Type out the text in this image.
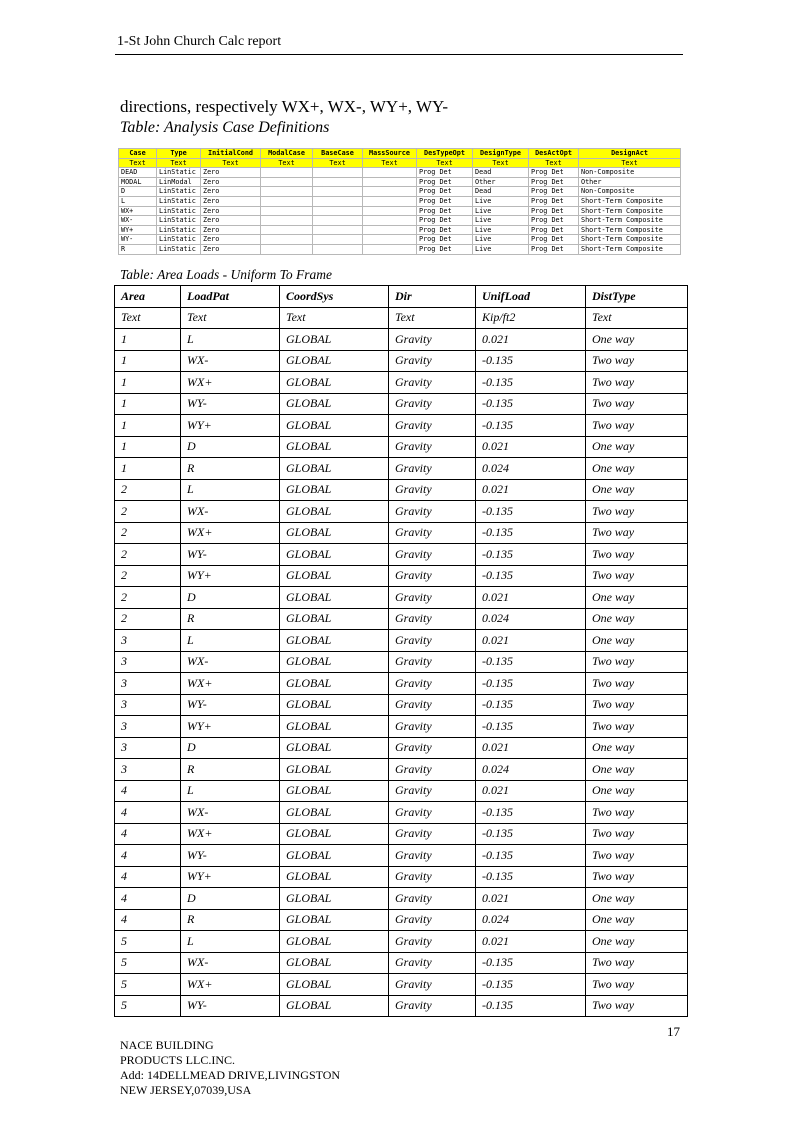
1-St John Church Calc report
directions, respectively WX+, WX-, WY+, WY-
Table: Analysis Case Definitions
Case	Type	InitialCond	ModalCase	BaseCase	MassSource	DesTypeOpt	DesignType	DesActOpt	DesignAct
Text	Text	Text	Text	Text	Text	Text	Text	Text	Text
DEAD	LinStatic	Zero				Prog Det	Dead	Prog Det	Non-Composite
MODAL	LinModal	Zero				Prog Det	Other	Prog Det	Other
D	LinStatic	Zero				Prog Det	Dead	Prog Det	Non-Composite
L	LinStatic	Zero				Prog Det	Live	Prog Det	Short-Term Composite
WX+	LinStatic	Zero				Prog Det	Live	Prog Det	Short-Term Composite
WX-	LinStatic	Zero				Prog Det	Live	Prog Det	Short-Term Composite
WY+	LinStatic	Zero				Prog Det	Live	Prog Det	Short-Term Composite
WY-	LinStatic	Zero				Prog Det	Live	Prog Det	Short-Term Composite
R	LinStatic	Zero				Prog Det	Live	Prog Det	Short-Term Composite
Table: Area Loads - Uniform To Frame
Area	LoadPat	CoordSys	Dir	UnifLoad	DistType
Text	Text	Text	Text	Kip/ft2	Text
1	L	GLOBAL	Gravity	0.021	One way
1	WX-	GLOBAL	Gravity	-0.135	Two way
1	WX+	GLOBAL	Gravity	-0.135	Two way
1	WY-	GLOBAL	Gravity	-0.135	Two way
1	WY+	GLOBAL	Gravity	-0.135	Two way
1	D	GLOBAL	Gravity	0.021	One way
1	R	GLOBAL	Gravity	0.024	One way
2	L	GLOBAL	Gravity	0.021	One way
2	WX-	GLOBAL	Gravity	-0.135	Two way
2	WX+	GLOBAL	Gravity	-0.135	Two way
2	WY-	GLOBAL	Gravity	-0.135	Two way
2	WY+	GLOBAL	Gravity	-0.135	Two way
2	D	GLOBAL	Gravity	0.021	One way
2	R	GLOBAL	Gravity	0.024	One way
3	L	GLOBAL	Gravity	0.021	One way
3	WX-	GLOBAL	Gravity	-0.135	Two way
3	WX+	GLOBAL	Gravity	-0.135	Two way
3	WY-	GLOBAL	Gravity	-0.135	Two way
3	WY+	GLOBAL	Gravity	-0.135	Two way
3	D	GLOBAL	Gravity	0.021	One way
3	R	GLOBAL	Gravity	0.024	One way
4	L	GLOBAL	Gravity	0.021	One way
4	WX-	GLOBAL	Gravity	-0.135	Two way
4	WX+	GLOBAL	Gravity	-0.135	Two way
4	WY-	GLOBAL	Gravity	-0.135	Two way
4	WY+	GLOBAL	Gravity	-0.135	Two way
4	D	GLOBAL	Gravity	0.021	One way
4	R	GLOBAL	Gravity	0.024	One way
5	L	GLOBAL	Gravity	0.021	One way
5	WX-	GLOBAL	Gravity	-0.135	Two way
5	WX+	GLOBAL	Gravity	-0.135	Two way
5	WY-	GLOBAL	Gravity	-0.135	Two way
17
NACE BUILDING
PRODUCTS LLC.INC.
Add: 14DELLMEAD DRIVE,LIVINGSTON
NEW JERSEY,07039,USA
